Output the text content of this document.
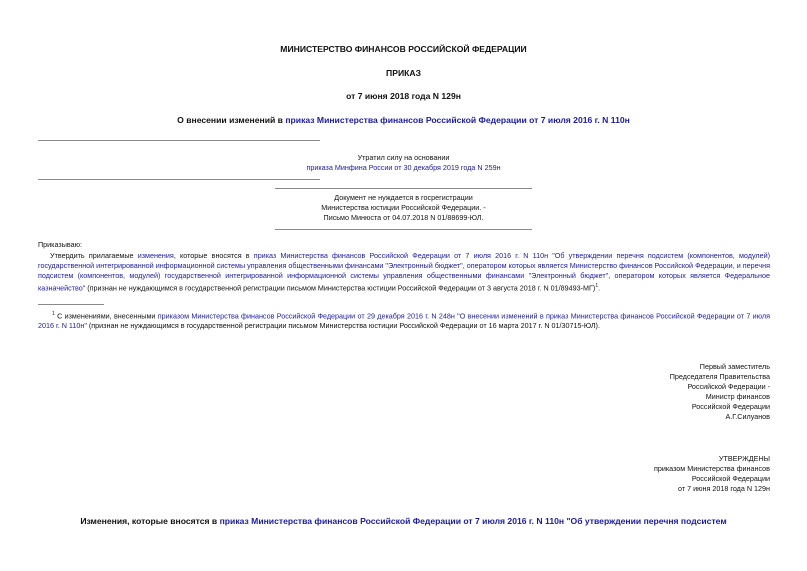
МИНИСТЕРСТВО ФИНАНСОВ РОССИЙСКОЙ ФЕДЕРАЦИИ
ПРИКАЗ
от 7 июня 2018 года N 129н
О внесении изменений в приказ Министерства финансов Российской Федерации от 7 июля 2016 г. N 110н
Утратил силу на основании
приказа Минфина России от 30 декабря 2019 года N 259н
Документ не нуждается в госрегистрации
Министерства юстиции Российской Федерации. -
Письмо Минюста от 04.07.2018 N 01/88699-ЮЛ.
Приказываю:
Утвердить прилагаемые изменения, которые вносятся в приказ Министерства финансов Российской Федерации от 7 июля 2016 г. N 110н "Об утверждении перечня подсистем (компонентов, модулей) государственной интегрированной информационной системы управления общественными финансами "Электронный бюджет", оператором которых является Министерство финансов Российской Федерации, и перечня подсистем (компонентов, модулей) государственной интегрированной информационной системы управления общественными финансами "Электронный бюджет", оператором которых является Федеральное казначейство" (признан не нуждающимся в государственной регистрации письмом Министерства юстиции Российской Федерации от 3 августа 2018 г. N 01/89493-МГ)$^1$.
$^1$ С изменениями, внесенными приказом Министерства финансов Российской Федерации от 29 декабря 2016 г. N 248н "О внесении изменений в приказ Министерства финансов Российской Федерации от 7 июля 2016 г. N 110н" (признан не нуждающимся в государственной регистрации письмом Министерства юстиции Российской Федерации от 16 марта 2017 г. N 01/30715-ЮЛ).
Первый заместитель
Председателя Правительства
Российской Федерации -
Министр финансов
Российской Федерации
А.Г.Силуанов
УТВЕРЖДЕНЫ
приказом Министерства финансов
Российской Федерации
от 7 июня 2018 года N 129н
Изменения, которые вносятся в приказ Министерства финансов Российской Федерации от 7 июля 2016 г. N 110н "Об утверждении перечня подсистем
